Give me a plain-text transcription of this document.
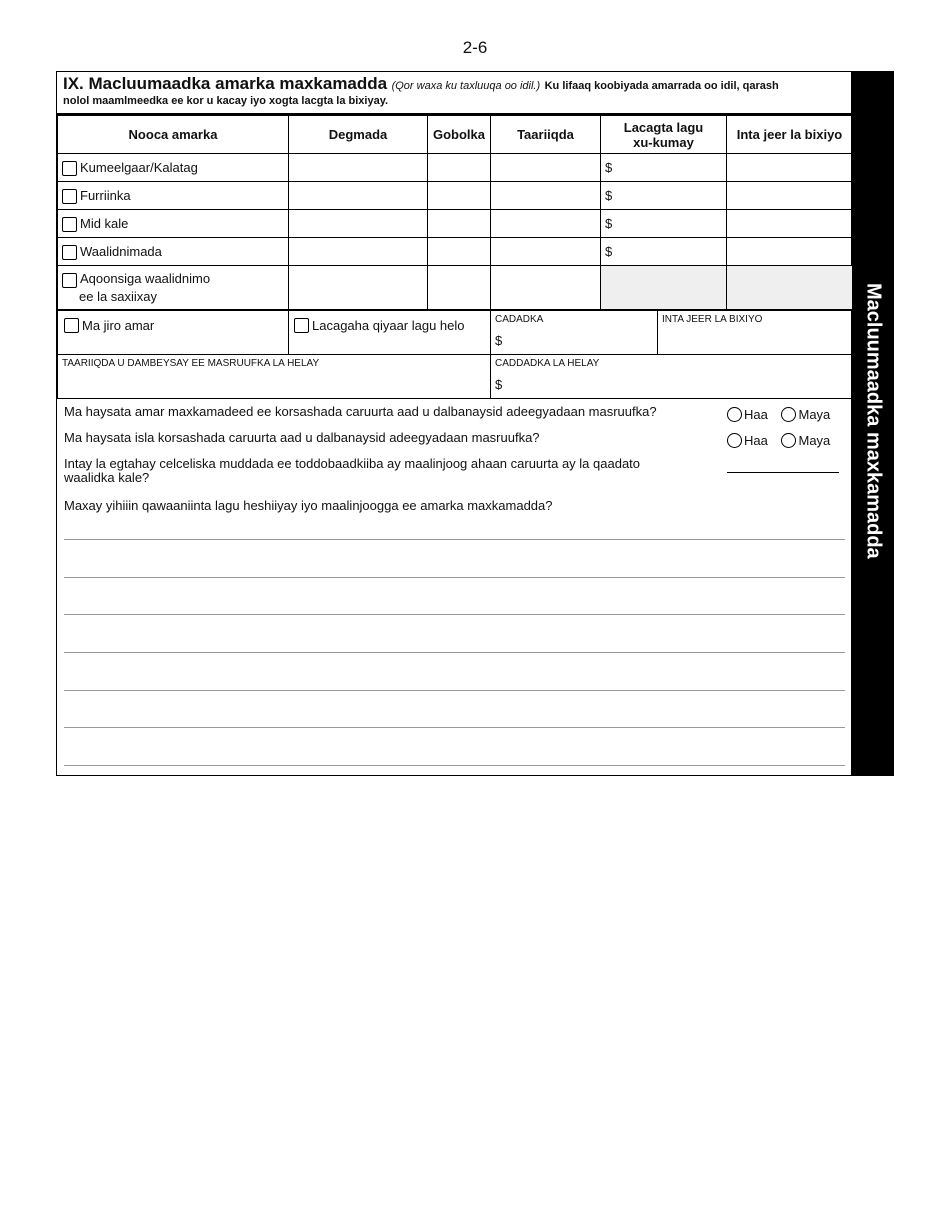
2-6
IX. Macluumaadka amarka maxkamadda (Qor waxa ku taxluuqa oo idil.) Ku lifaaq koobiyada amarrada oo idil, qarash
nolol maamlmeedka ee kor u kacay iyo xogta lacgta la bixiyay.
Nooca amarka	Degmada	Gobolka	Taariiqda	Lacagta lagu xu-kumay	Inta jeer la bixiyo
Kumeelgaar/Kalatag				$	
Furriinka				$	
Mid kale				$	
Waalidnimada				$	
Aqoonsiga waalidnimo
ee la saxiixay					
Ma jiro amar	Lacagaha qiyaar lagu helo	CADADKA
$
INTA JEER LA BIXIYO
TAARIIQDA U DAMBEYSAY EE MASRUUFKA LA HELAY	CADDADKA LA HELAY
$
Ma haysata amar maxkamadeed ee korsashada caruurta aad u dalbanaysid adeegyadaan masruufka?	Haa Maya
Ma haysata isla korsashada caruurta aad u dalbanaysid adeegyadaan masruufka?	Haa Maya
Intay la egtahay celceliska muddada ee toddobaadkiiba ay maalinjoog ahaan caruurta ay la qaadato
waalidka kale?
Maxay yihiiin qawaaniinta lagu heshiiyay iyo maalinjoogga ee amarka maxkamadda?	Macluumaadka maxkamadda
